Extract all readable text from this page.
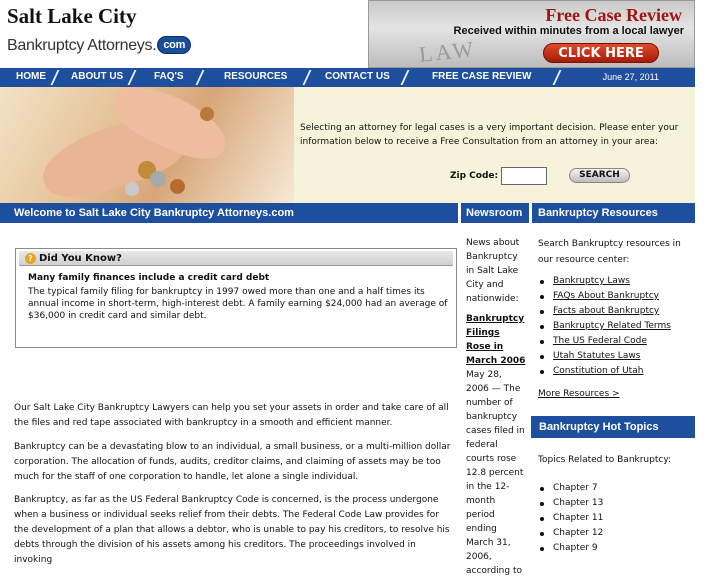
Salt Lake City
Bankruptcy Attorneys. com	LAW
Free Case Review
Received within minutes from a local lawyer
CLICK HERE
HOME	ABOUT US	FAQ'S	RESOURCES	CONTACT US	FREE CASE REVIEW	June 27, 2011
Selecting an attorney for legal cases is a very important decision. Please enter your information below to receive a Free Consultation from an attorney in your area:
Zip Code:	SEARCH
Welcome to Salt Lake City Bankruptcy Attorneys.com	Newsroom	Bankruptcy Resources
? Did You Know?
Many family finances include a credit card debt
The typical family filing for bankruptcy in 1997 owed more than one and a half times its annual income in short-term, high-interest debt. A family earning $24,000 had an average of $36,000 in credit card and similar debt.

Our Salt Lake City Bankruptcy Lawyers can help you set your assets in order and take care of all the files and red tape associated with bankruptcy in a smooth and efficient manner.

Bankruptcy can be a devastating blow to an individual, a small business, or a multi-million dollar corporation. The allocation of funds, audits, creditor claims, and claiming of assets may be too much for the staff of one corporation to handle, let alone a single individual.

Bankruptcy, as far as the US Federal Bankruptcy Code is concerned, is the process undergone when a business or individual seeks relief from their debts. The Federal Code Law provides for the development of a plan that allows a debtor, who is unable to pay his creditors, to resolve his debts through the division of his assets among his creditors. The proceedings involved in invoking

News about Bankruptcy in Salt Lake City and nationwide:
Bankruptcy Filings Rose in March 2006
May 28, 2006 — The number of bankruptcy cases filed in federal courts rose 12.8 percent in the 12-month period ending March 31, 2006, according to
Search Bankruptcy resources in our resource center:
Bankruptcy Laws
FAQs About Bankruptcy
Facts about Bankruptcy
Bankruptcy Related Terms
The US Federal Code
Utah Statutes Laws
Constitution of Utah
More Resources >
Bankruptcy Hot Topics
Topics Related to Bankruptcy:
Chapter 7
Chapter 13
Chapter 11
Chapter 12
Chapter 9
